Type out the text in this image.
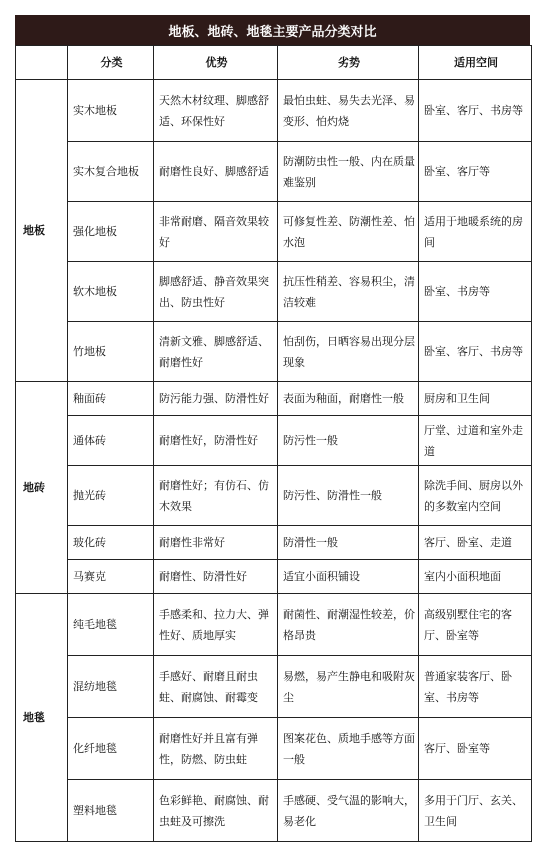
地板、地砖、地毯主要产品分类对比
	分类	优势	劣势	适用空间
地板	实木地板	天然木材纹理、脚感舒适、环保性好	最怕虫蛀、易失去光泽、易变形、怕灼烧	卧室、客厅、书房等
	实木复合地板	耐磨性良好、脚感舒适	防潮防虫性一般、内在质量难鉴别	卧室、客厅等
	强化地板	非常耐磨、隔音效果较好	可修复性差、防潮性差、怕水泡	适用于地暖系统的房间
	软木地板	脚感舒适、静音效果突出、防虫性好	抗压性稍差、容易积尘，清洁较难	卧室、书房等
	竹地板	清新文雅、脚感舒适、耐磨性好	怕刮伤，日晒容易出现分层现象	卧室、客厅、书房等
地砖	釉面砖	防污能力强、防滑性好	表面为釉面，耐磨性一般	厨房和卫生间
	通体砖	耐磨性好，防滑性好	防污性一般	厅堂、过道和室外走道
	抛光砖	耐磨性好；有仿石、仿木效果	防污性、防滑性一般	除洗手间、厨房以外的多数室内空间
	玻化砖	耐磨性非常好	防滑性一般	客厅、卧室、走道
	马赛克	耐磨性、防滑性好	适宜小面积铺设	室内小面积地面
地毯	纯毛地毯	手感柔和、拉力大、弹性好、质地厚实	耐菌性、耐潮湿性较差，价格昂贵	高级别墅住宅的客厅、卧室等
	混纺地毯	手感好、耐磨且耐虫蛀、耐腐蚀、耐霉变	易燃，易产生静电和吸附灰尘	普通家装客厅、卧室、书房等
	化纤地毯	耐磨性好并且富有弹性，防燃、防虫蛀	图案花色、质地手感等方面一般	客厅、卧室等
	塑料地毯	色彩鲜艳、耐腐蚀、耐虫蛀及可擦洗	手感硬、受气温的影响大，易老化	多用于门厅、玄关、卫生间
